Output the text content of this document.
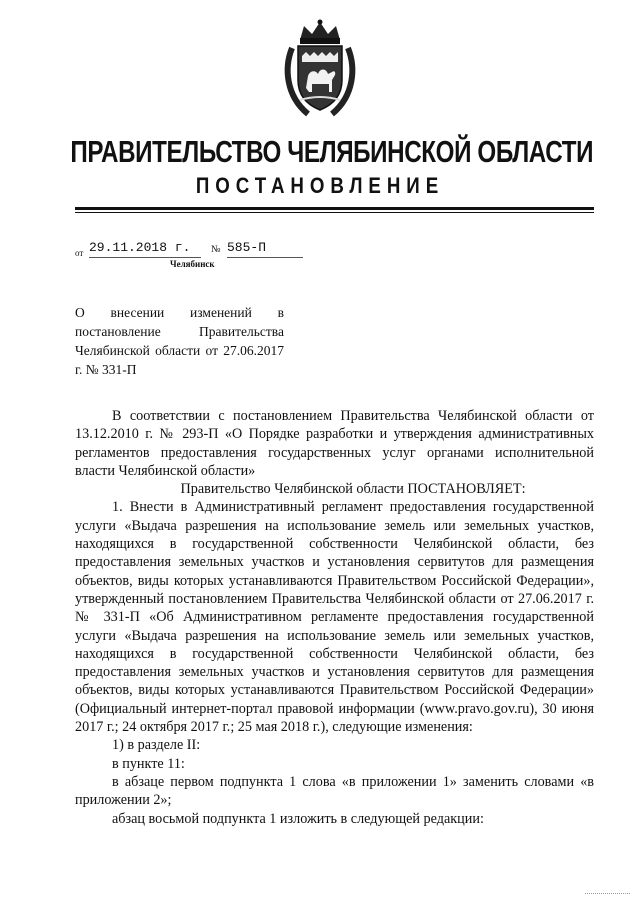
ПРАВИТЕЛЬСТВО ЧЕЛЯБИНСКОЙ ОБЛАСТИ
ПОСТАНОВЛЕНИЕ
от 29.11.2018 г.	№ 585-П
Челябинск
О внесении изменений в постановление Правительства Челябинской области от 27.06.2017 г. № 331-П

В соответствии с постановлением Правительства Челябинской области от 13.12.2010 г. № 293-П «О Порядке разработки и утверждения административных регламентов предоставления государственных услуг органами исполнительной власти Челябинской области»

Правительство Челябинской области ПОСТАНОВЛЯЕТ:

1. Внести в Административный регламент предоставления государственной услуги «Выдача разрешения на использование земель или земельных участков, находящихся в государственной собственности Челябинской области, без предоставления земельных участков и установления сервитутов для размещения объектов, виды которых устанавливаются Правительством Российской Федерации», утвержденный постановлением Правительства Челябинской области от 27.06.2017 г. № 331-П «Об Административном регламенте предоставления государственной услуги «Выдача разрешения на использование земель или земельных участков, находящихся в государственной собственности Челябинской области, без предоставления земельных участков и установления сервитутов для размещения объектов, виды которых устанавливаются Правительством Российской Федерации» (Официальный интернет-портал правовой информации (www.pravo.gov.ru), 30 июня 2017 г.; 24 октября 2017 г.; 25 мая 2018 г.), следующие изменения:

1) в разделе II:

в пункте 11:

в абзаце первом подпункта 1 слова «в приложении 1» заменить словами «в приложении 2»;

абзац восьмой подпункта 1 изложить в следующей редакции:
